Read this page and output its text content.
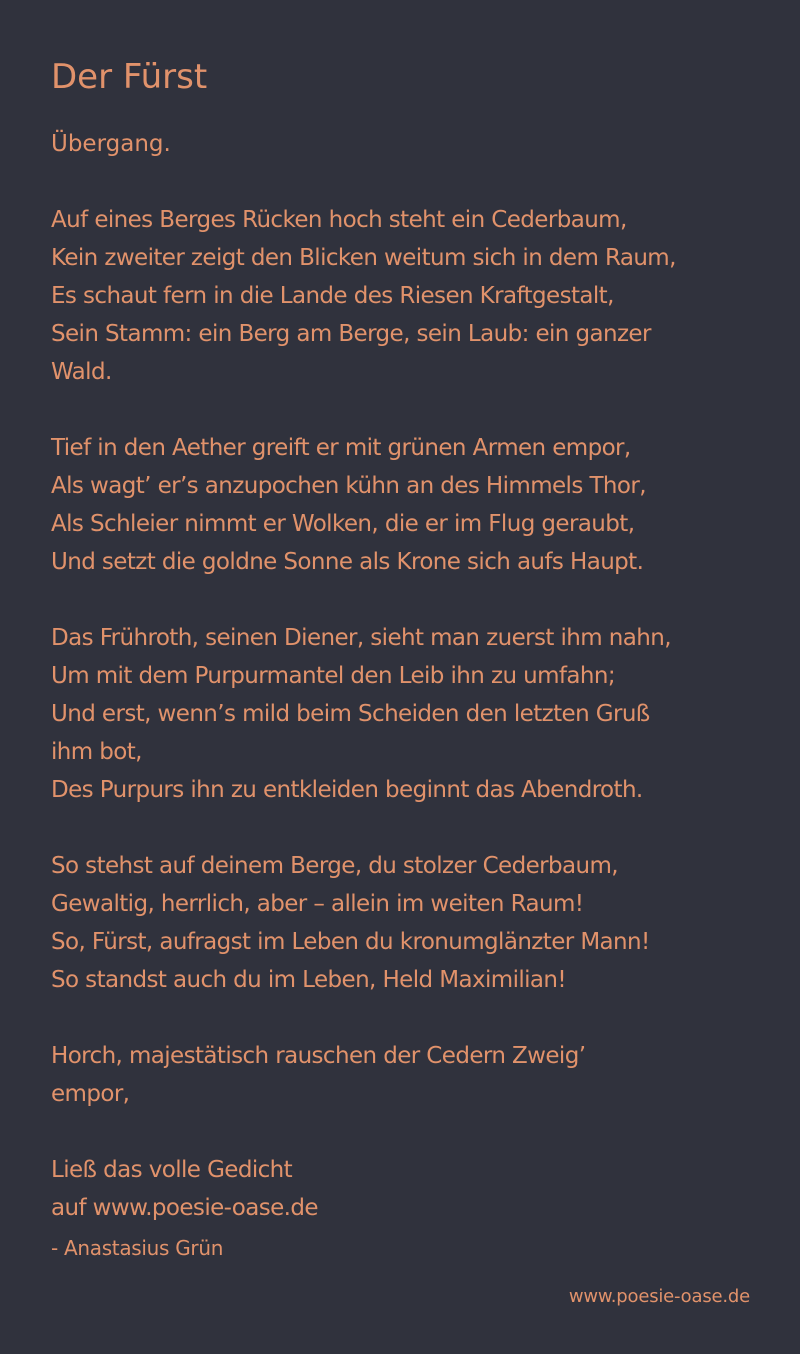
Der Fürst
Übergang.
Auf eines Berges Rücken hoch steht ein Cederbaum,
Kein zweiter zeigt den Blicken weitum sich in dem Raum,
Es schaut fern in die Lande des Riesen Kraftgestalt,
Sein Stamm: ein Berg am Berge, sein Laub: ein ganzer
Wald.
Tief in den Aether greift er mit grünen Armen empor,
Als wagt’ er’s anzupochen kühn an des Himmels Thor,
Als Schleier nimmt er Wolken, die er im Flug geraubt,
Und setzt die goldne Sonne als Krone sich aufs Haupt.
Das Frühroth, seinen Diener, sieht man zuerst ihm nahn,
Um mit dem Purpurmantel den Leib ihn zu umfahn;
Und erst, wenn’s mild beim Scheiden den letzten Gruß
ihm bot,
Des Purpurs ihn zu entkleiden beginnt das Abendroth.
So stehst auf deinem Berge, du stolzer Cederbaum,
Gewaltig, herrlich, aber – allein im weiten Raum!
So, Fürst, aufragst im Leben du kronumglänzter Mann!
So standst auch du im Leben, Held Maximilian!
Horch, majestätisch rauschen der Cedern Zweig’
empor,
Ließ das volle Gedicht
auf www.poesie-oase.de
- Anastasius Grün
www.poesie-oase.de
